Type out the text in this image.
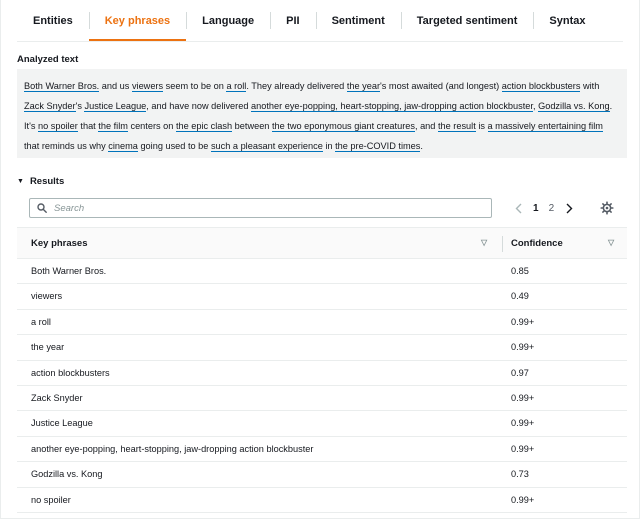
Entities	Key phrases	Language	PII	Sentiment	Targeted sentiment	Syntax
Analyzed text
Both Warner Bros. and us viewers seem to be on a roll. They already delivered the year's most awaited (and longest) action blockbusters with Zack Snyder's Justice League, and have now delivered another eye-popping, heart-stopping, jaw-dropping action blockbuster, Godzilla vs. Kong. It's no spoiler that the film centers on the epic clash between the two eponymous giant creatures, and the result is a massively entertaining film that reminds us why cinema going used to be such a pleasant experience in the pre-COVID times.
▼ Results
Search
1 2
Key phrases	▽	Confidence	▽
Both Warner Bros.	0.85
viewers	0.49
a roll	0.99+
the year	0.99+
action blockbusters	0.97
Zack Snyder	0.99+
Justice League	0.99+
another eye-popping, heart-stopping, jaw-dropping action blockbuster	0.99+
Godzilla vs. Kong	0.73
no spoiler	0.99+
